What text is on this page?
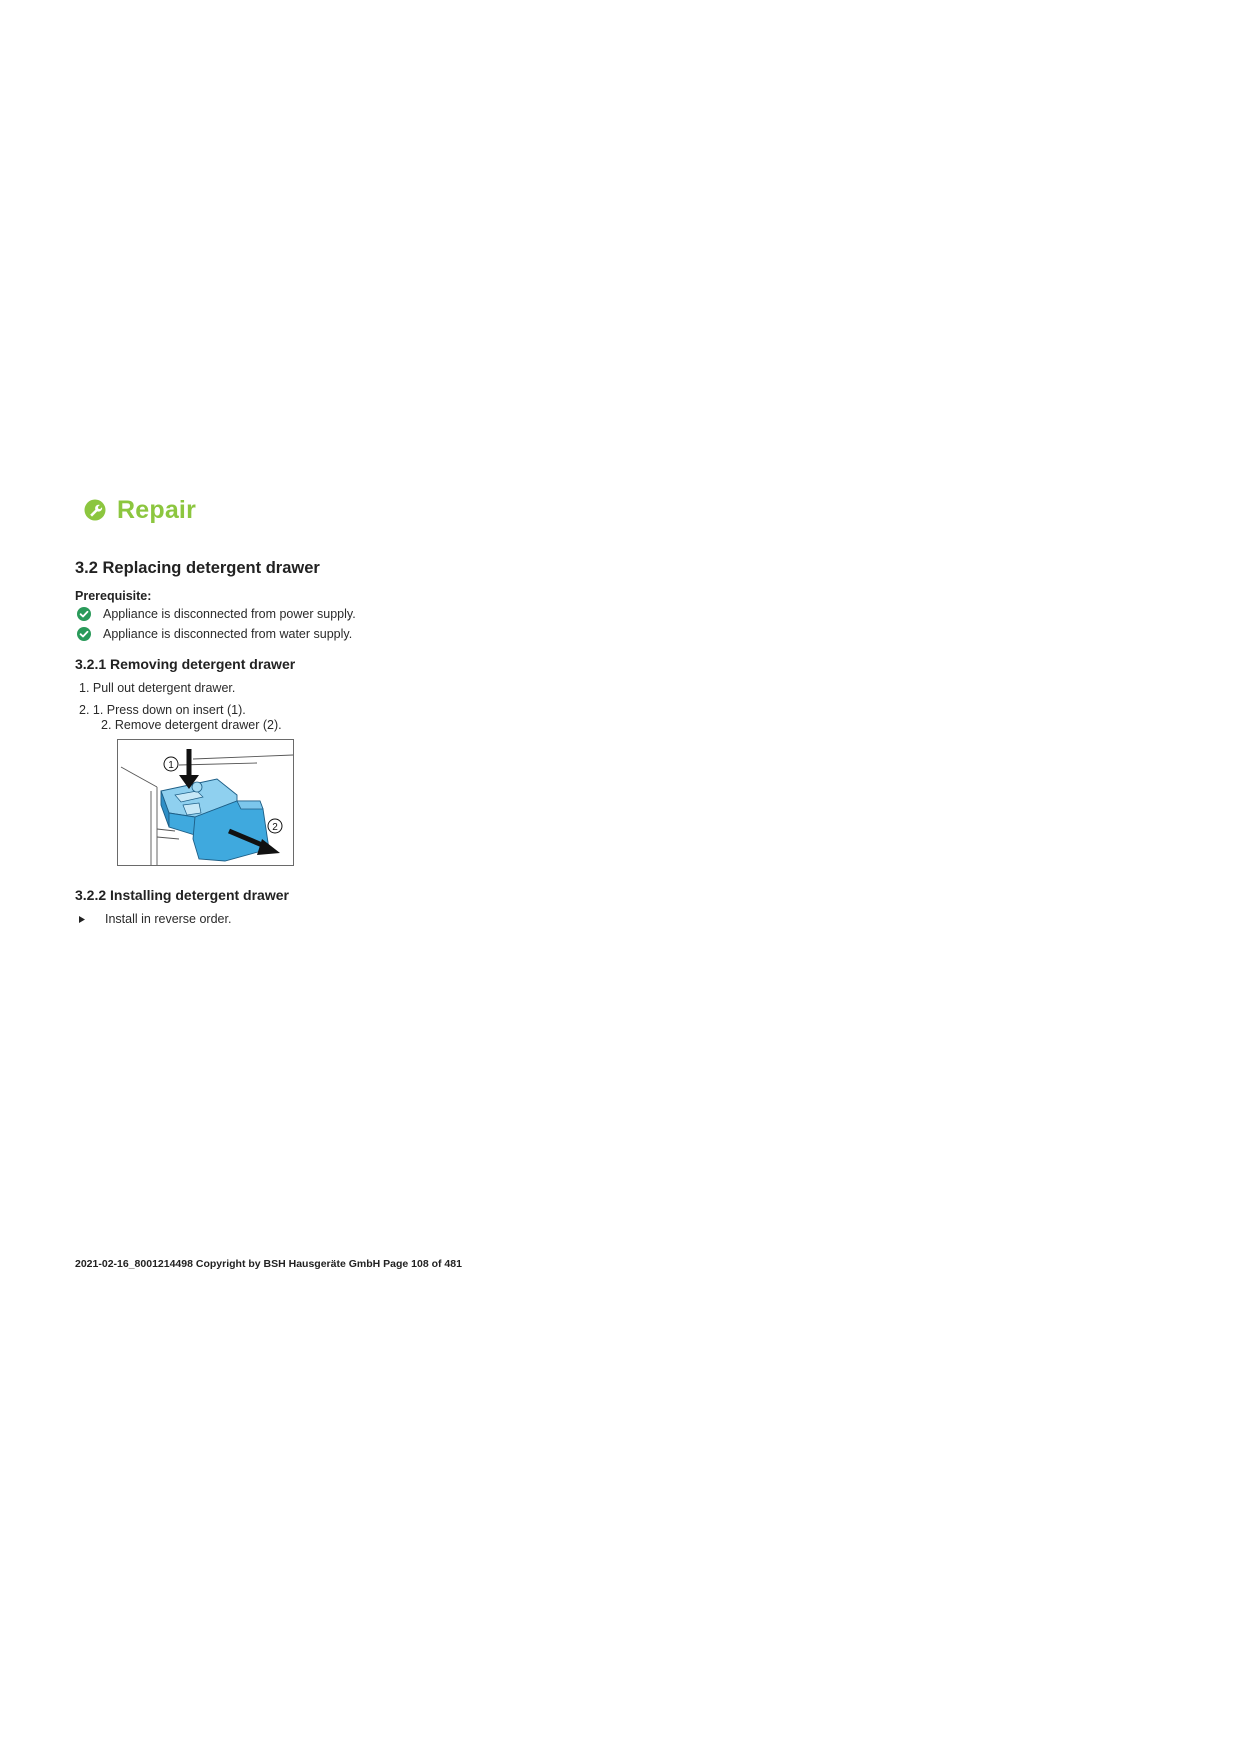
Repair
3.2 Replacing detergent drawer
Prerequisite:
Appliance is disconnected from power supply.
Appliance is disconnected from water supply.
3.2.1 Removing detergent drawer
1. Pull out detergent drawer.
2. 1. Press down on insert (1).
2. Remove detergent drawer (2).
1
2
3.2.2 Installing detergent drawer
Install in reverse order.
2021-02-16_8001214498 Copyright by BSH Hausgeräte GmbH Page 108 of 481
